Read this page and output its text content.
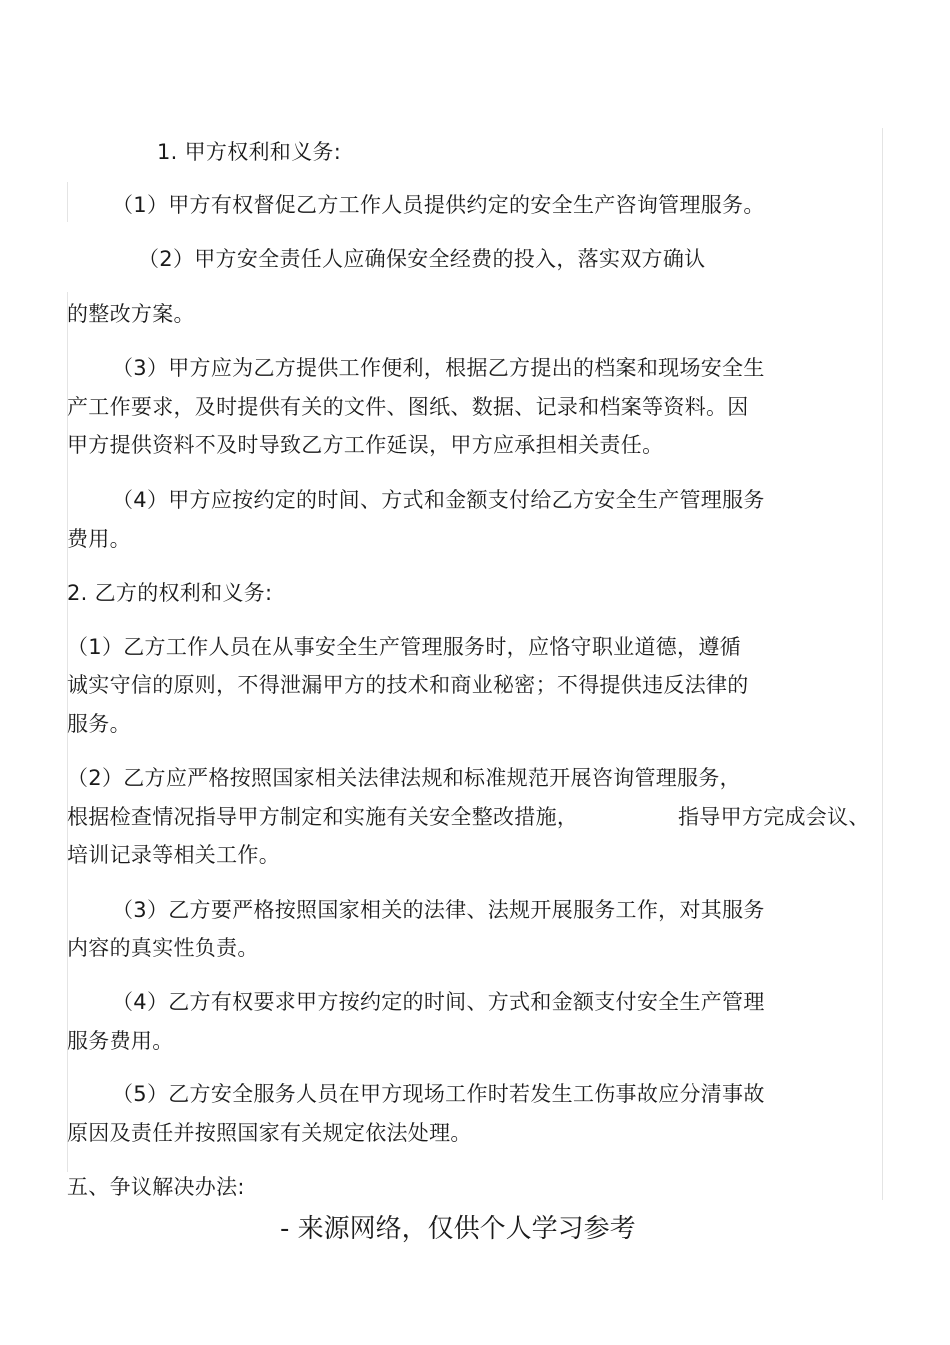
1. 甲方权利和义务:
（1）甲方有权督促乙方工作人员提供约定的安全生产咨询管理服务。
（2）甲方安全责任人应确保安全经费的投入，落实双方确认
的整改方案。
（3）甲方应为乙方提供工作便利，根据乙方提出的档案和现场安全生
产工作要求，及时提供有关的文件、图纸、数据、记录和档案等资料。因
甲方提供资料不及时导致乙方工作延误，甲方应承担相关责任。
（4）甲方应按约定的时间、方式和金额支付给乙方安全生产管理服务
费用。
2. 乙方的权利和义务:
（1）乙方工作人员在从事安全生产管理服务时，应恪守职业道德，遵循
诚实守信的原则，不得泄漏甲方的技术和商业秘密；不得提供违反法律的
服务。
（2）乙方应严格按照国家相关法律法规和标准规范开展咨询管理服务，
根据检查情况指导甲方制定和实施有关安全整改措施，	指导甲方完成会议、
培训记录等相关工作。
（3）乙方要严格按照国家相关的法律、法规开展服务工作，对其服务
内容的真实性负责。
（4）乙方有权要求甲方按约定的时间、方式和金额支付安全生产管理
服务费用。
（5）乙方安全服务人员在甲方现场工作时若发生工伤事故应分清事故
原因及责任并按照国家有关规定依法处理。
五、争议解决办法:
- 来源网络，仅供个人学习参考
